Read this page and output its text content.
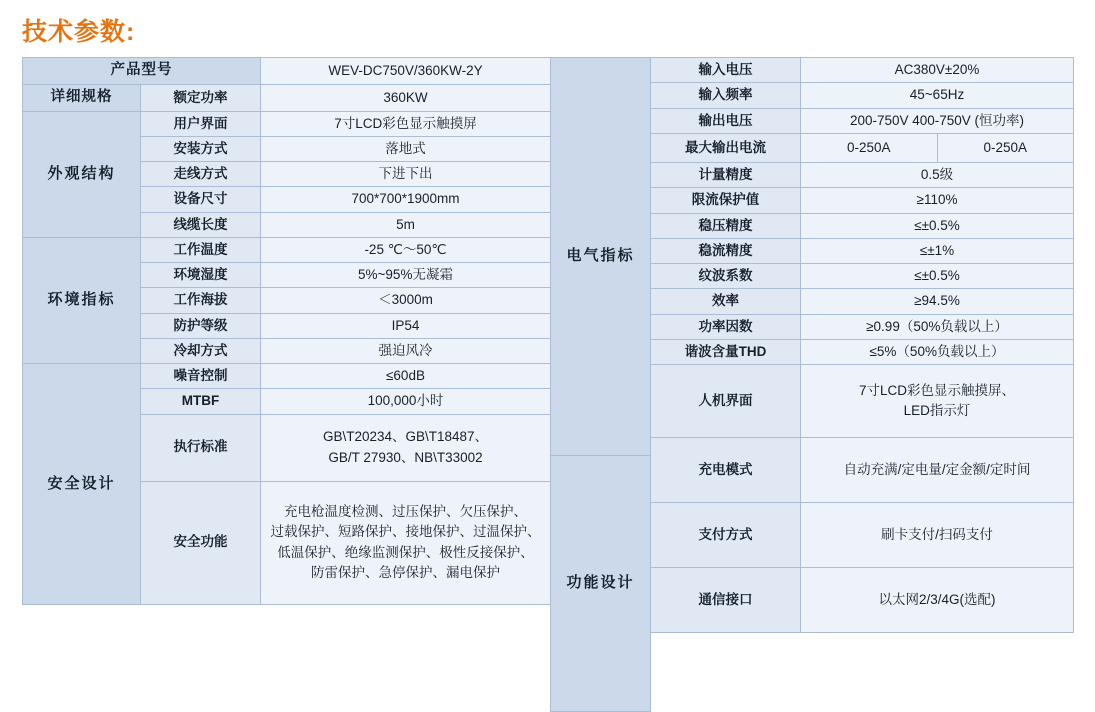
技术参数:
产品型号		WEV-DC750V/360KW-2Y
详细规格	额定功率	360KW
外观结构	用户界面	7寸LCD彩色显示触摸屏
	安装方式	落地式
	走线方式	下进下出
	设备尺寸	700*700*1900mm
	线缆长度	5m
环境指标	工作温度	-25 ℃～50℃
	环境湿度	5%~95%无凝霜
	工作海拔	＜3000m
	防护等级	IP54
	冷却方式	强迫风冷
安全设计	噪音控制	≤60dB
	MTBF	100,000小时
	执行标准	GB\T20234、GB\T18487、
GB/T 27930、NB\T33002
	安全功能	充电枪温度检测、过压保护、欠压保护、
过载保护、短路保护、接地保护、过温保护、
低温保护、绝缘监测保护、极性反接保护、
防雷保护、急停保护、漏电保护
电气指标
功能设计
输入电压	AC380V±20%
输入频率	45~65Hz
输出电压	200-750V 400-750V (恒功率)
最大输出电流	0-250A 0-250A

计量精度	0.5级
限流保护值	≥110%
稳压精度	≤±0.5%
稳流精度	≤±1%
纹波系数	≤±0.5%
效率	≥94.5%
功率因数	≥0.99（50%负载以上）
谐波含量THD	≤5%（50%负载以上）
人机界面	7寸LCD彩色显示触摸屏、
LED指示灯
充电模式	自动充满/定电量/定金额/定时间
支付方式	刷卡支付/扫码支付
通信接口	以太网2/3/4G(选配)
